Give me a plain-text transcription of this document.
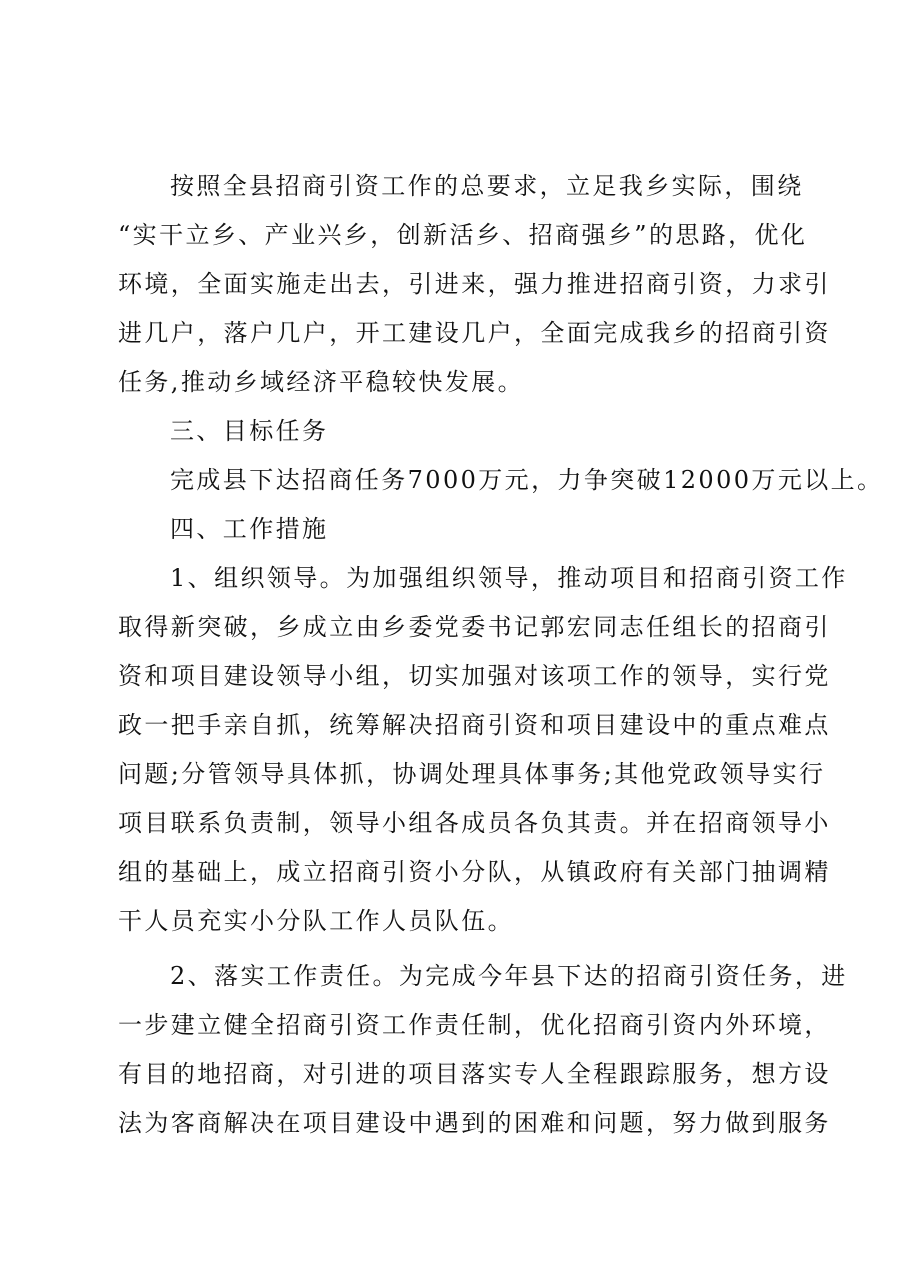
按照全县招商引资工作的总要求，立足我乡实际，围绕
“实干立乡、产业兴乡，创新活乡、招商强乡”的思路，优化
环境，全面实施走出去，引进来，强力推进招商引资，力求引
进几户，落户几户，开工建设几户，全面完成我乡的招商引资
任务,推动乡域经济平稳较快发展。
三、目标任务
完成县下达招商任务7000万元，力争突破12000万元以上。
四、工作措施
1、组织领导。为加强组织领导，推动项目和招商引资工作
取得新突破，乡成立由乡委党委书记郭宏同志任组长的招商引
资和项目建设领导小组，切实加强对该项工作的领导，实行党
政一把手亲自抓，统筹解决招商引资和项目建设中的重点难点
问题;分管领导具体抓，协调处理具体事务;其他党政领导实行
项目联系负责制，领导小组各成员各负其责。并在招商领导小
组的基础上，成立招商引资小分队，从镇政府有关部门抽调精
干人员充实小分队工作人员队伍。
2、落实工作责任。为完成今年县下达的招商引资任务，进
一步建立健全招商引资工作责任制，优化招商引资内外环境，
有目的地招商，对引进的项目落实专人全程跟踪服务，想方设
法为客商解决在项目建设中遇到的困难和问题，努力做到服务
